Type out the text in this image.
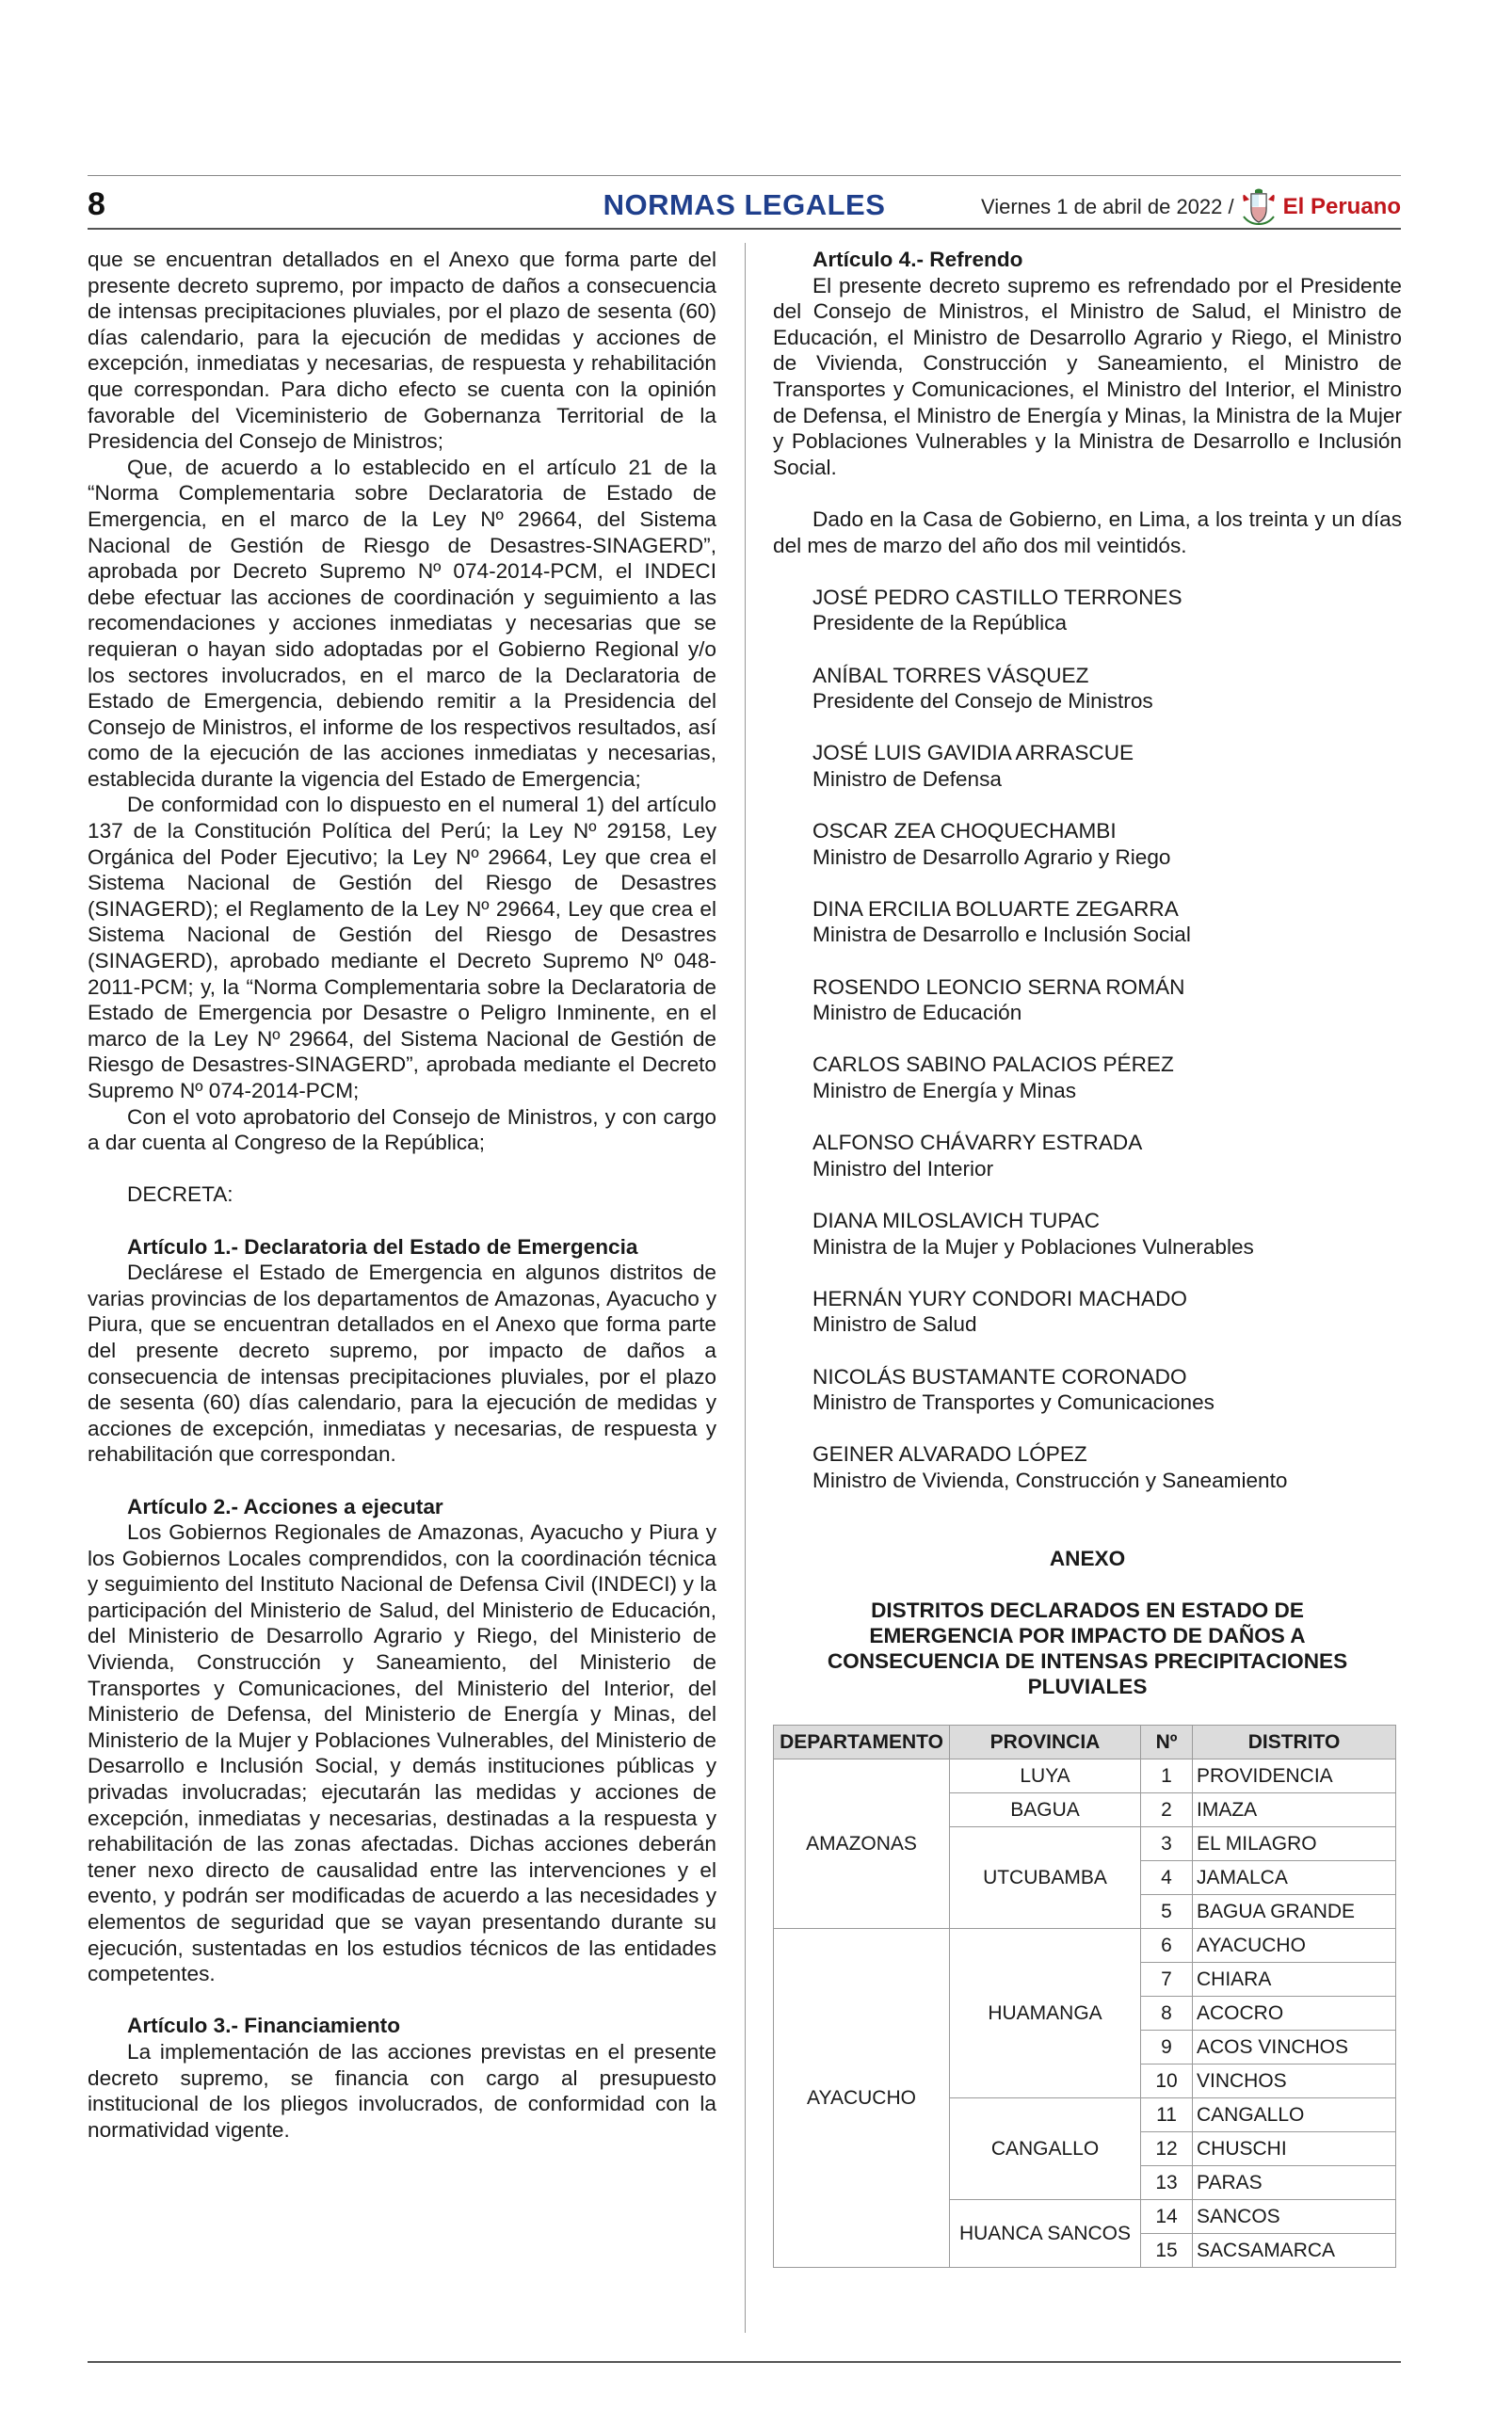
8	NORMAS LEGALES	Viernes 1 de abril de 2022 / El Peruano

que se encuentran detallados en el Anexo que forma parte del presente decreto supremo, por impacto de daños a consecuencia de intensas precipitaciones pluviales, por el plazo de sesenta (60) días calendario, para la ejecución de medidas y acciones de excepción, inmediatas y necesarias, de respuesta y rehabilitación que correspondan. Para dicho efecto se cuenta con la opinión favorable del Viceministerio de Gobernanza Territorial de la Presidencia del Consejo de Ministros;

Que, de acuerdo a lo establecido en el artículo 21 de la “Norma Complementaria sobre Declaratoria de Estado de Emergencia, en el marco de la Ley Nº 29664, del Sistema Nacional de Gestión de Riesgo de Desastres-SINAGERD”, aprobada por Decreto Supremo Nº 074-2014-PCM, el INDECI debe efectuar las acciones de coordinación y seguimiento a las recomendaciones y acciones inmediatas y necesarias que se requieran o hayan sido adoptadas por el Gobierno Regional y/o los sectores involucrados, en el marco de la Declaratoria de Estado de Emergencia, debiendo remitir a la Presidencia del Consejo de Ministros, el informe de los respectivos resultados, así como de la ejecución de las acciones inmediatas y necesarias, establecida durante la vigencia del Estado de Emergencia;

De conformidad con lo dispuesto en el numeral 1) del artículo 137 de la Constitución Política del Perú; la Ley Nº 29158, Ley Orgánica del Poder Ejecutivo; la Ley Nº 29664, Ley que crea el Sistema Nacional de Gestión del Riesgo de Desastres (SINAGERD); el Reglamento de la Ley Nº 29664, Ley que crea el Sistema Nacional de Gestión del Riesgo de Desastres (SINAGERD), aprobado mediante el Decreto Supremo Nº 048-2011-PCM; y, la “Norma Complementaria sobre la Declaratoria de Estado de Emergencia por Desastre o Peligro Inminente, en el marco de la Ley Nº 29664, del Sistema Nacional de Gestión de Riesgo de Desastres-SINAGERD”, aprobada mediante el Decreto Supremo Nº 074-2014-PCM;

Con el voto aprobatorio del Consejo de Ministros, y con cargo a dar cuenta al Congreso de la República;

DECRETA:

Artículo 1.- Declaratoria del Estado de Emergencia

Declárese el Estado de Emergencia en algunos distritos de varias provincias de los departamentos de Amazonas, Ayacucho y Piura, que se encuentran detallados en el Anexo que forma parte del presente decreto supremo, por impacto de daños a consecuencia de intensas precipitaciones pluviales, por el plazo de sesenta (60) días calendario, para la ejecución de medidas y acciones de excepción, inmediatas y necesarias, de respuesta y rehabilitación que correspondan.

Artículo 2.- Acciones a ejecutar

Los Gobiernos Regionales de Amazonas, Ayacucho y Piura y los Gobiernos Locales comprendidos, con la coordinación técnica y seguimiento del Instituto Nacional de Defensa Civil (INDECI) y la participación del Ministerio de Salud, del Ministerio de Educación, del Ministerio de Desarrollo Agrario y Riego, del Ministerio de Vivienda, Construcción y Saneamiento, del Ministerio de Transportes y Comunicaciones, del Ministerio del Interior, del Ministerio de Defensa, del Ministerio de Energía y Minas, del Ministerio de la Mujer y Poblaciones Vulnerables, del Ministerio de Desarrollo e Inclusión Social, y demás instituciones públicas y privadas involucradas; ejecutarán las medidas y acciones de excepción, inmediatas y necesarias, destinadas a la respuesta y rehabilitación de las zonas afectadas. Dichas acciones deberán tener nexo directo de causalidad entre las intervenciones y el evento, y podrán ser modificadas de acuerdo a las necesidades y elementos de seguridad que se vayan presentando durante su ejecución, sustentadas en los estudios técnicos de las entidades competentes.

Artículo 3.- Financiamiento

La implementación de las acciones previstas en el presente decreto supremo, se financia con cargo al presupuesto institucional de los pliegos involucrados, de conformidad con la normatividad vigente.

Artículo 4.- Refrendo

El presente decreto supremo es refrendado por el Presidente del Consejo de Ministros, el Ministro de Salud, el Ministro de Educación, el Ministro de Desarrollo Agrario y Riego, el Ministro de Vivienda, Construcción y Saneamiento, el Ministro de Transportes y Comunicaciones, el Ministro del Interior, el Ministro de Defensa, el Ministro de Energía y Minas, la Ministra de la Mujer y Poblaciones Vulnerables y la Ministra de Desarrollo e Inclusión Social.

Dado en la Casa de Gobierno, en Lima, a los treinta y un días del mes de marzo del año dos mil veintidós.

JOSÉ PEDRO CASTILLO TERRONES
Presidente de la República
ANÍBAL TORRES VÁSQUEZ
Presidente del Consejo de Ministros
JOSÉ LUIS GAVIDIA ARRASCUE
Ministro de Defensa
OSCAR ZEA CHOQUECHAMBI
Ministro de Desarrollo Agrario y Riego
DINA ERCILIA BOLUARTE ZEGARRA
Ministra de Desarrollo e Inclusión Social
ROSENDO LEONCIO SERNA ROMÁN
Ministro de Educación
CARLOS SABINO PALACIOS PÉREZ
Ministro de Energía y Minas
ALFONSO CHÁVARRY ESTRADA
Ministro del Interior
DIANA MILOSLAVICH TUPAC
Ministra de la Mujer y Poblaciones Vulnerables
HERNÁN YURY CONDORI MACHADO
Ministro de Salud
NICOLÁS BUSTAMANTE CORONADO
Ministro de Transportes y Comunicaciones
GEINER ALVARADO LÓPEZ
Ministro de Vivienda, Construcción y Saneamiento

ANEXO

DISTRITOS DECLARADOS EN ESTADO DE EMERGENCIA POR IMPACTO DE DAÑOS A CONSECUENCIA DE INTENSAS PRECIPITACIONES PLUVIALES

DEPARTAMENTO	PROVINCIA	Nº	DISTRITO
AMAZONAS	LUYA	1	PROVIDENCIA
	BAGUA	2	IMAZA
	UTCUBAMBA	3	EL MILAGRO
		4	JAMALCA
		5	BAGUA GRANDE
AYACUCHO	HUAMANGA	6	AYACUCHO
		7	CHIARA
		8	ACOCRO
		9	ACOS VINCHOS
		10	VINCHOS
	CANGALLO	11	CANGALLO
		12	CHUSCHI
		13	PARAS
	HUANCA SANCOS	14	SANCOS
		15	SACSAMARCA
